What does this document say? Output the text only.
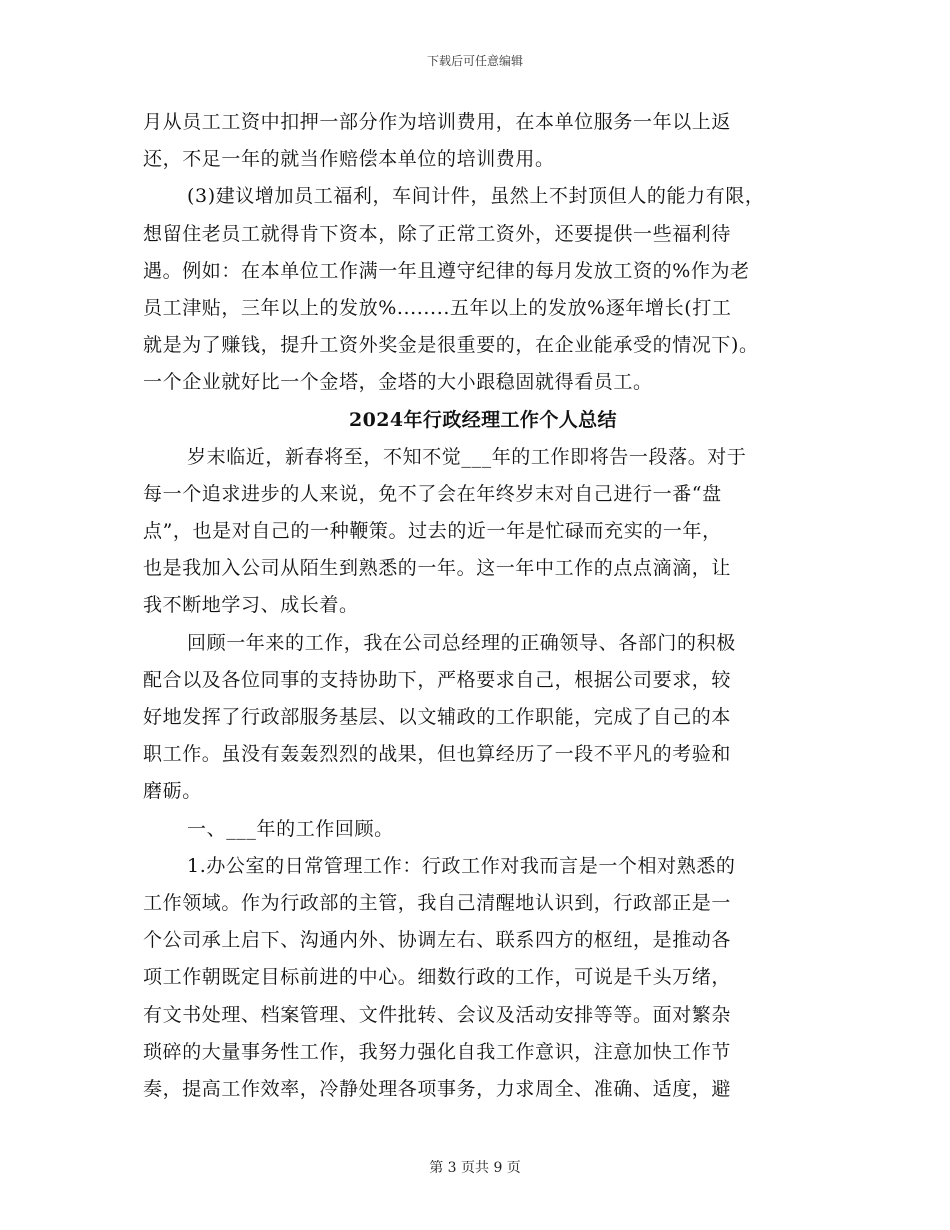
下载后可任意编辑
月从员工工资中扣押一部分作为培训费用，在本单位服务一年以上返
还，不足一年的就当作赔偿本单位的培训费用。
(3)建议增加员工福利，车间计件，虽然上不封顶但人的能力有限，
想留住老员工就得肯下资本，除了正常工资外，还要提供一些福利待
遇。例如：在本单位工作满一年且遵守纪律的每月发放工资的%作为老
员工津贴，三年以上的发放%........五年以上的发放%逐年增长(打工
就是为了赚钱，提升工资外奖金是很重要的，在企业能承受的情况下)。
一个企业就好比一个金塔，金塔的大小跟稳固就得看员工。
2024年行政经理工作个人总结
岁末临近，新春将至，不知不觉___年的工作即将告一段落。对于
每一个追求进步的人来说，免不了会在年终岁末对自己进行一番“盘
点”，也是对自己的一种鞭策。过去的近一年是忙碌而充实的一年，
也是我加入公司从陌生到熟悉的一年。这一年中工作的点点滴滴，让
我不断地学习、成长着。
回顾一年来的工作，我在公司总经理的正确领导、各部门的积极
配合以及各位同事的支持协助下，严格要求自己，根据公司要求，较
好地发挥了行政部服务基层、以文辅政的工作职能，完成了自己的本
职工作。虽没有轰轰烈烈的战果，但也算经历了一段不平凡的考验和
磨砺。
一、___年的工作回顾。
1.办公室的日常管理工作：行政工作对我而言是一个相对熟悉的
工作领域。作为行政部的主管，我自己清醒地认识到，行政部正是一
个公司承上启下、沟通内外、协调左右、联系四方的枢纽，是推动各
项工作朝既定目标前进的中心。细数行政的工作，可说是千头万绪，
有文书处理、档案管理、文件批转、会议及活动安排等等。面对繁杂
琐碎的大量事务性工作，我努力强化自我工作意识，注意加快工作节
奏，提高工作效率，冷静处理各项事务，力求周全、准确、适度，避
第 3 页共 9 页
